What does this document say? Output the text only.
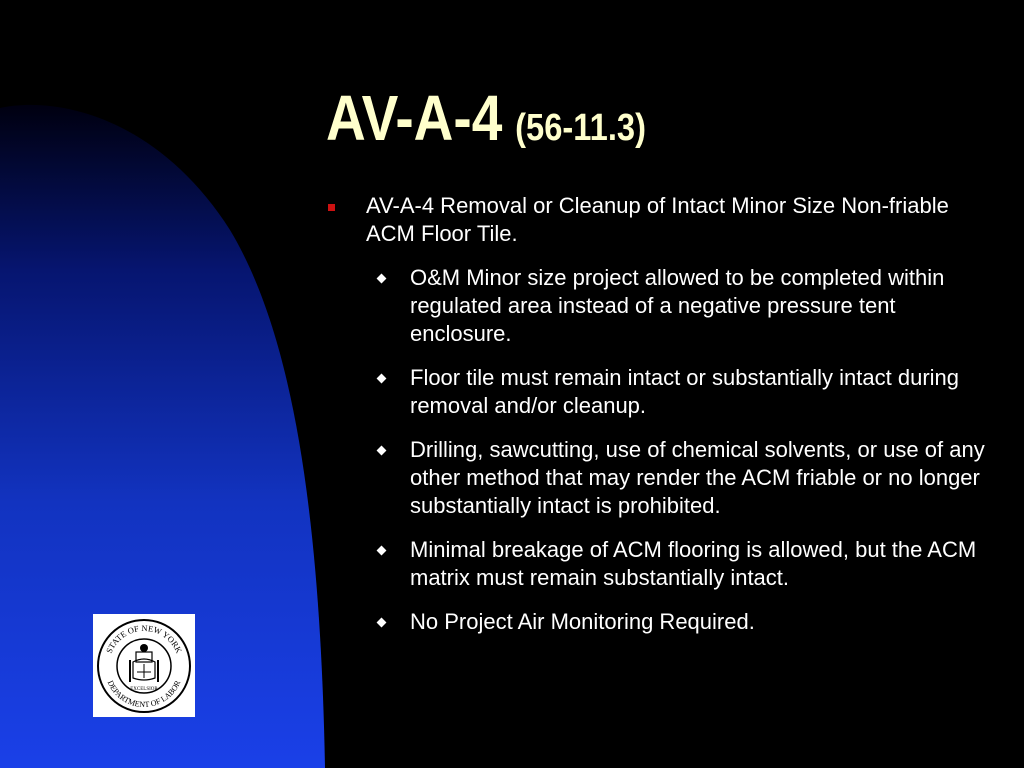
AV-A-4 (56-11.3)
AV-A-4 Removal or Cleanup of Intact Minor Size Non-friable ACM Floor Tile.
O&M Minor size project allowed to be completed within regulated area instead of a negative pressure tent enclosure.
Floor tile must remain intact or substantially intact during removal and/or cleanup.
Drilling, sawcutting, use of chemical solvents, or use of any other method that may render the ACM friable or no longer substantially intact is prohibited.
Minimal breakage of ACM flooring is allowed, but the ACM matrix must remain substantially intact.
No Project Air Monitoring Required.
STATE OF NEW YORK
DEPARTMENT OF LABOR
EXCELSIOR
